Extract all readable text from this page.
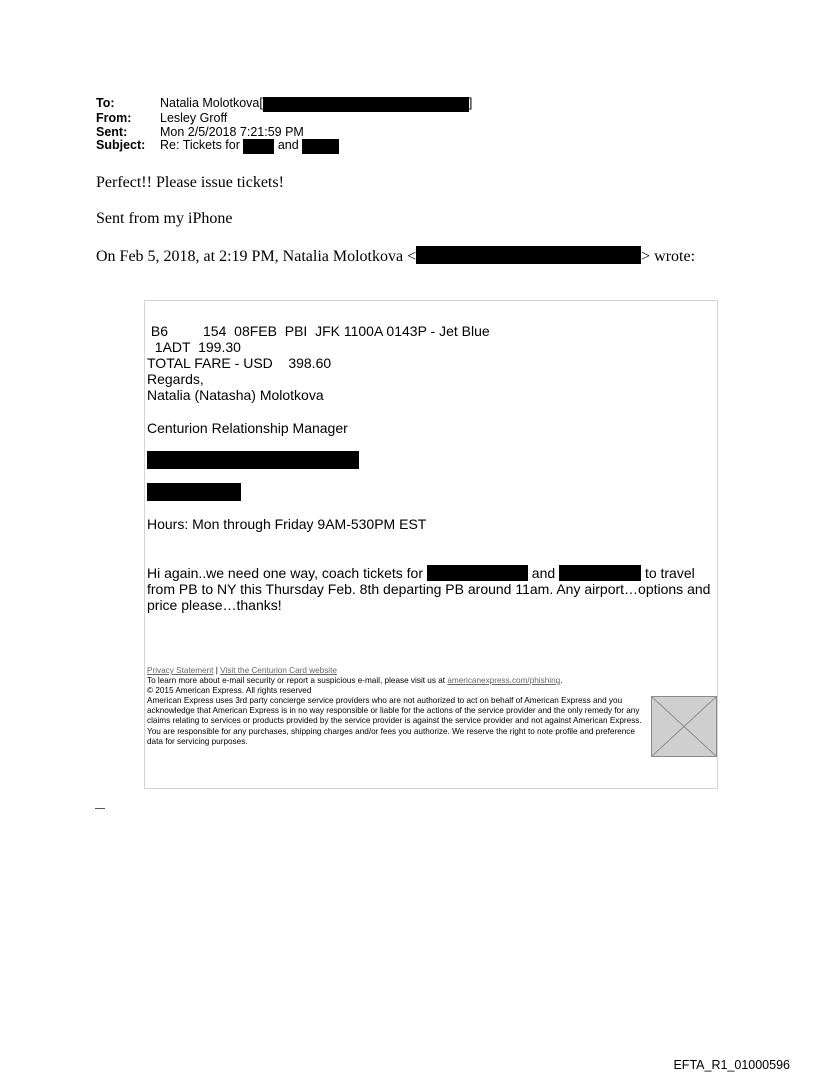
To:	Natalia Molotkova[	]
From:	Lesley Groff
Sent:	Mon 2/5/2018 7:21:59 PM
Subject:	Re: Tickets for

	and

Perfect!! Please issue tickets!
Sent from my iPhone
On Feb 5, 2018, at 2:19 PM, Natalia Molotkova <	> wrote:
B6         154  08FEB  PBI  JFK 1100A 0143P - Jet Blue
1ADT  199.30
TOTAL FARE - USD    398.60
Regards,
Natalia (Natasha) Molotkova
Centurion Relationship Manager
Hours: Mon through Friday 9AM-530PM EST
Hi again..we need one way, coach tickets for	and	to travel from PB to NY this Thursday Feb. 8th departing PB around 11am. Any airport…options and price please…thanks!
Privacy Statement | Visit the Centurion Card website
To learn more about e-mail security or report a suspicious e-mail, please visit us at americanexpress.com/phishing.
© 2015 American Express. All rights reserved
American Express uses 3rd party concierge service providers who are not authorized to act on behalf of American Express and you acknowledge that American Express is in no way responsible or liable for the actions of the service provider and the only remedy for any claims relating to services or products provided by the service provider is against the service provider and not against American Express. You are responsible for any purchases, shipping charges and/or fees you authorize. We reserve the right to note profile and preference data for servicing purposes.
EFTA_R1_01000596
